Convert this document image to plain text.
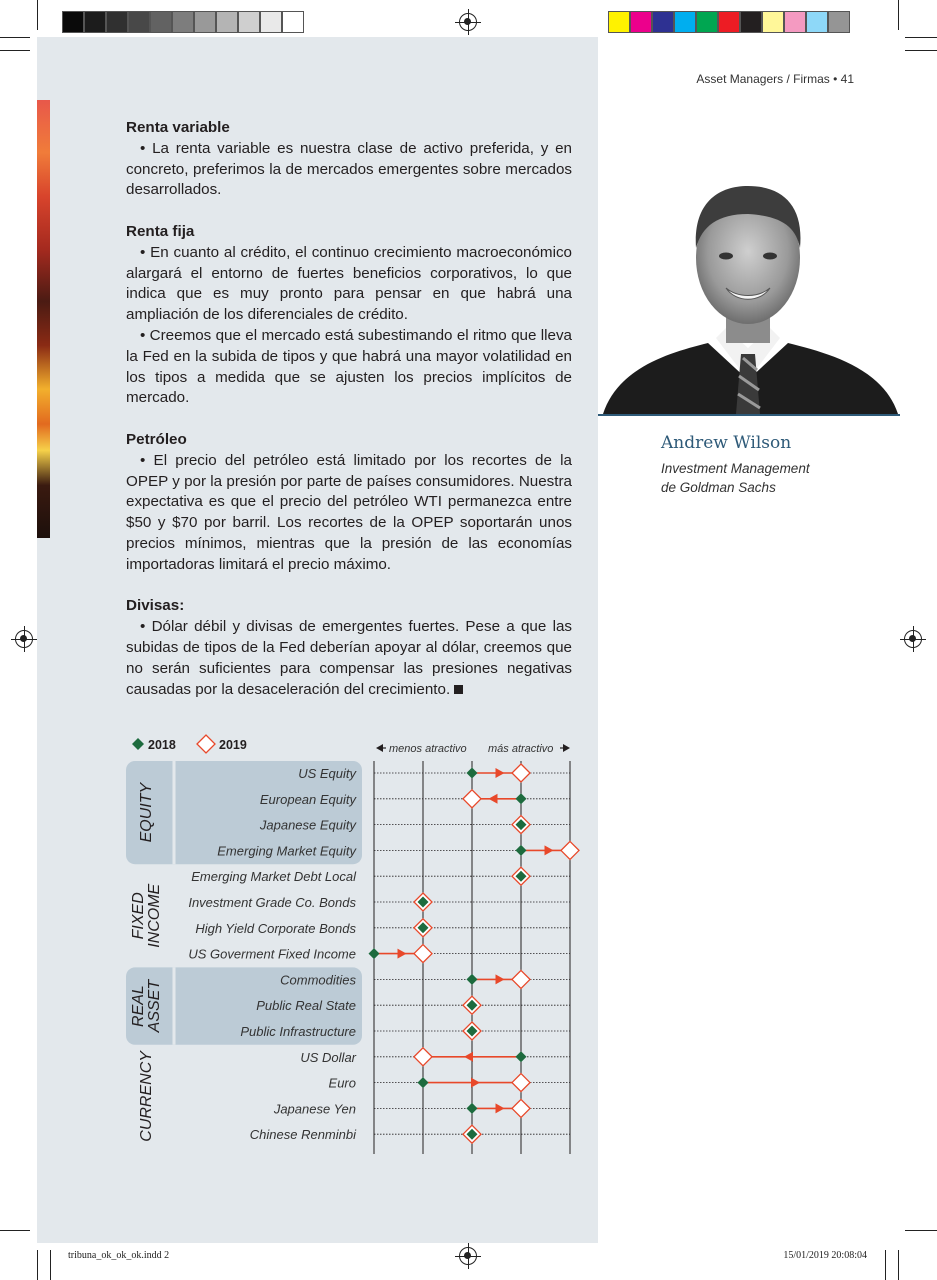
Asset Managers / Firmas • 41
Renta variable

• La renta variable es nuestra clase de activo preferida, y en concreto, preferimos la de mercados emergentes sobre mercados desarrollados.

Renta fija

• En cuanto al crédito, el continuo crecimiento macroeconómico alargará el entorno de fuertes beneficios corporativos, lo que indica que es muy pronto para pensar en que habrá una ampliación de los diferenciales de crédito.

• Creemos que el mercado está subestimando el ritmo que lleva la Fed en la subida de tipos y que habrá una mayor volatilidad en los tipos a medida que se ajusten los precios implícitos de mercado.

Petróleo

• El precio del petróleo está limitado por los recortes de la OPEP y por la presión por parte de países consumidores. Nuestra expectativa es que el precio del petróleo WTI permanezca entre $50 y $70 por barril. Los recortes de la OPEP soportarán unos precios mínimos, mientras que la presión de las economías importadoras limitará el precio máximo.

Divisas:

• Dólar débil y divisas de emergentes fuertes. Pese a que las subidas de tipos de la Fed deberían apoyar al dólar, creemos que no serán suficientes para compensar las presiones negativas causadas por la desaceleración del crecimiento.

Andrew Wilson
Investment Management
de Goldman Sachs
2018	2019	menos atractivo más atractivo
EQUITY
FIXEDINCOME
REALASSET
CURRENCY
US Equity
European Equity
Japanese Equity
Emerging Market Equity
Emerging Market Debt Local
Investment Grade Co. Bonds
High Yield Corporate Bonds
US Goverment Fixed Income
Commodities
Public Real State
Public Infrastructure
US Dollar
Euro
Japanese Yen
Chinese Renminbi
tribuna_ok_ok_ok.indd 2	15/01/2019 20:08:04
